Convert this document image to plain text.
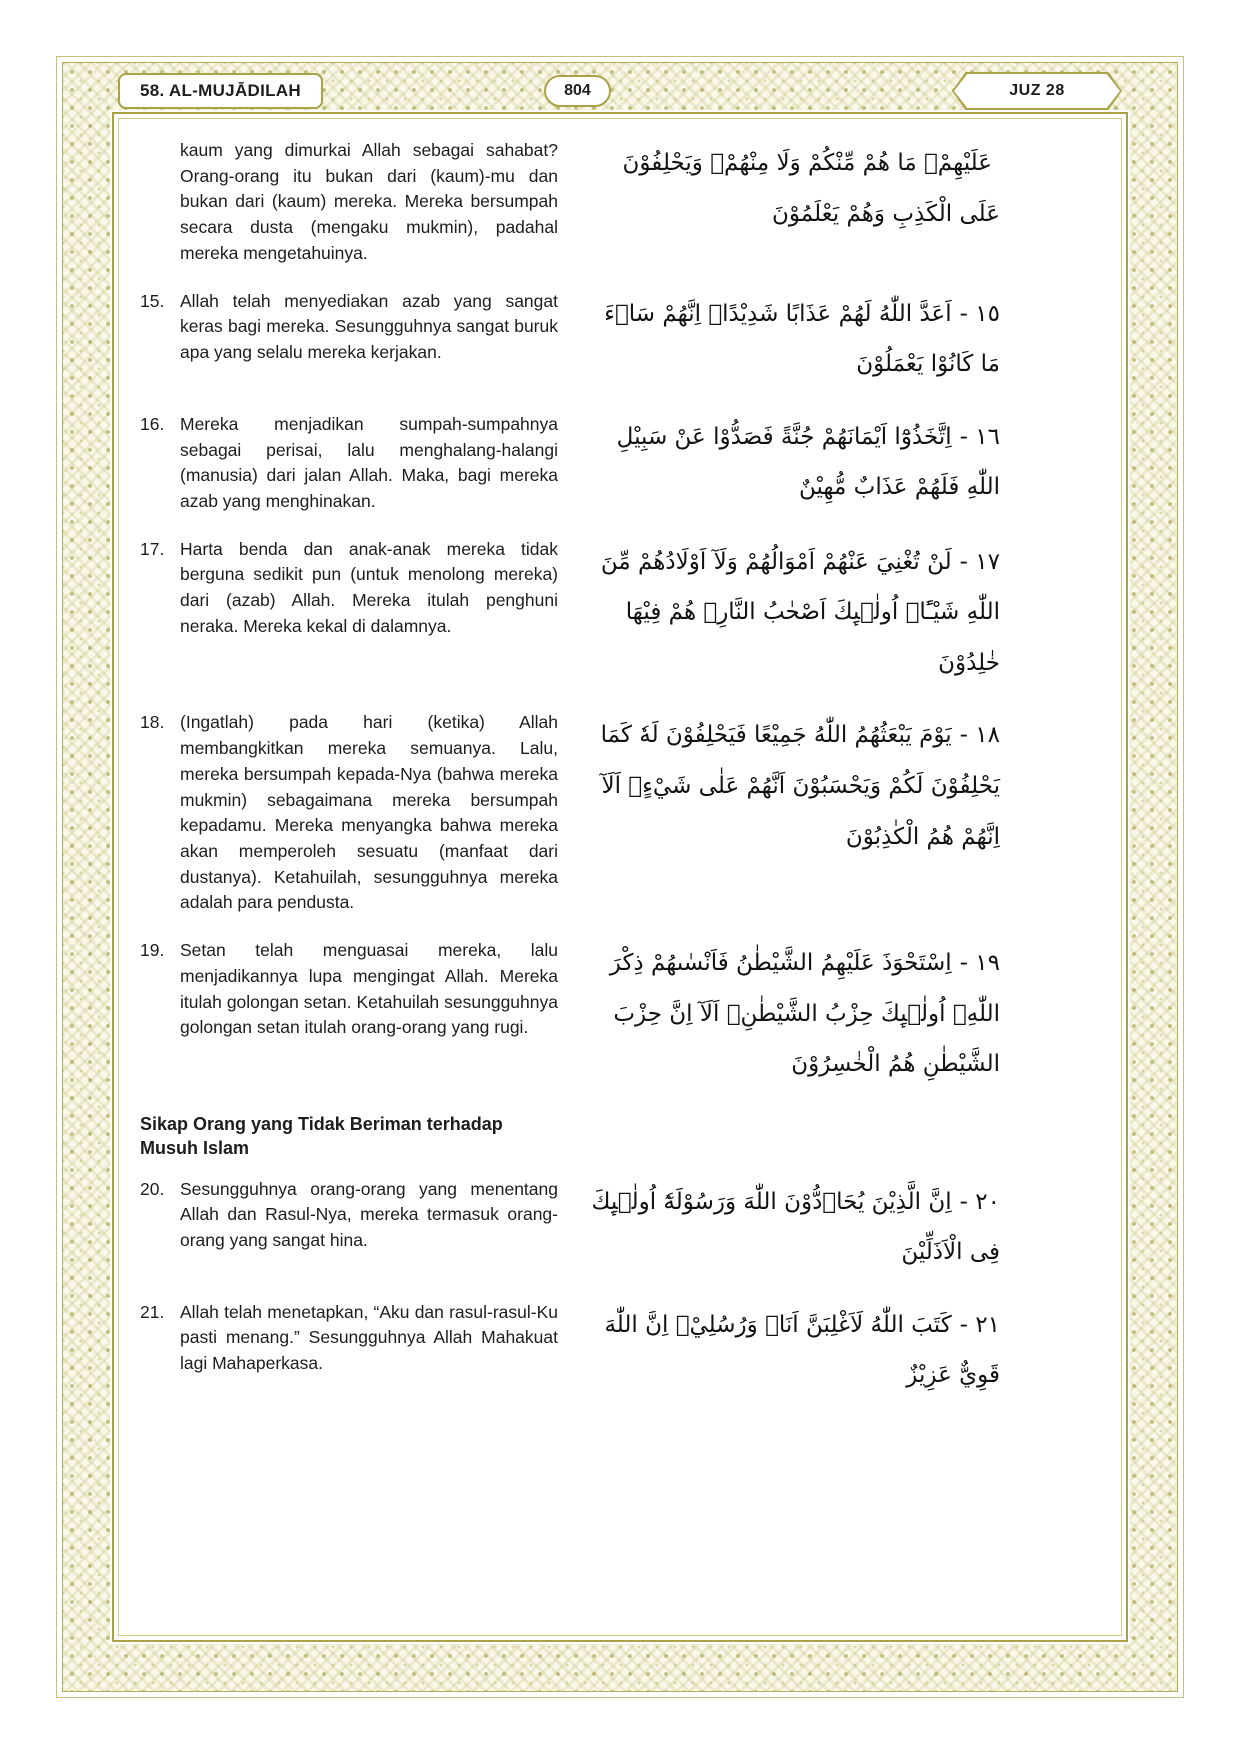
58. AL-MUJĀDILAH	804	JUZ 28
kaum yang dimurkai Allah sebagai sahabat? Orang-orang itu bukan dari (kaum)-mu dan bukan dari (kaum) mereka. Mereka bersumpah secara dusta (mengaku mukmin), padahal mereka mengetahuinya.
عَلَيْهِمْۗ مَا هُمْ مِّنْكُمْ وَلَا مِنْهُمْۙ وَيَحْلِفُوْنَ عَلَى الْكَذِبِ وَهُمْ يَعْلَمُوْنَ
15. Allah telah menyediakan azab yang sangat keras bagi mereka. Sesungguhnya sangat buruk apa yang selalu mereka kerjakan.
١٥ -اَعَدَّ اللّٰهُ لَهُمْ عَذَابًا شَدِيْدًاۗ اِنَّهُمْ سَاۤءَ مَا كَانُوْا يَعْمَلُوْنَ
16. Mereka menjadikan sumpah-sumpahnya sebagai perisai, lalu menghalang-halangi (manusia) dari jalan Allah. Maka, bagi mereka azab yang menghinakan.
١٦ -اِتَّخَذُوْٓا اَيْمَانَهُمْ جُنَّةً فَصَدُّوْا عَنْ سَبِيْلِ اللّٰهِ فَلَهُمْ عَذَابٌ مُّهِيْنٌ
17. Harta benda dan anak-anak mereka tidak berguna sedikit pun (untuk menolong mereka) dari (azab) Allah. Mereka itulah penghuni neraka. Mereka kekal di dalamnya.
١٧ -لَنْ تُغْنِيَ عَنْهُمْ اَمْوَالُهُمْ وَلَآ اَوْلَادُهُمْ مِّنَ اللّٰهِ شَيْـًٔاۗ اُولٰۤىِٕكَ اَصْحٰبُ النَّارِۗ هُمْ فِيْهَا خٰلِدُوْنَ
18. (Ingatlah) pada hari (ketika) Allah membangkitkan mereka semuanya. Lalu, mereka bersumpah kepada-Nya (bahwa mereka mukmin) sebagaimana mereka bersumpah kepadamu. Mereka menyangka bahwa mereka akan memperoleh sesuatu (manfaat dari dustanya). Ketahuilah, sesungguhnya mereka adalah para pendusta.
١٨ -يَوْمَ يَبْعَثُهُمُ اللّٰهُ جَمِيْعًا فَيَحْلِفُوْنَ لَهٗ كَمَا يَحْلِفُوْنَ لَكُمْ وَيَحْسَبُوْنَ اَنَّهُمْ عَلٰى شَيْءٍۗ اَلَآ اِنَّهُمْ هُمُ الْكٰذِبُوْنَ
19. Setan telah menguasai mereka, lalu menjadikannya lupa mengingat Allah. Mereka itulah golongan setan. Ketahuilah sesungguhnya golongan setan itulah orang-orang yang rugi.
١٩ -اِسْتَحْوَذَ عَلَيْهِمُ الشَّيْطٰنُ فَاَنْسٰىهُمْ ذِكْرَ اللّٰهِۗ اُولٰۤىِٕكَ حِزْبُ الشَّيْطٰنِۗ اَلَآ اِنَّ حِزْبَ الشَّيْطٰنِ هُمُ الْخٰسِرُوْنَ
Sikap Orang yang Tidak Beriman terhadap Musuh Islam
20. Sesungguhnya orang-orang yang menentang Allah dan Rasul-Nya, mereka termasuk orang-orang yang sangat hina.
٢٠ -اِنَّ الَّذِيْنَ يُحَاۤدُّوْنَ اللّٰهَ وَرَسُوْلَهٗٓ اُولٰۤىِٕكَ فِى الْاَذَلِّيْنَ
21. Allah telah menetapkan, “Aku dan rasul-rasul-Ku pasti menang.” Sesungguhnya Allah Mahakuat lagi Mahaperkasa.
٢١ -كَتَبَ اللّٰهُ لَاَغْلِبَنَّ اَنَا۠ وَرُسُلِيْۗ اِنَّ اللّٰهَ قَوِيٌّ عَزِيْزٌ
